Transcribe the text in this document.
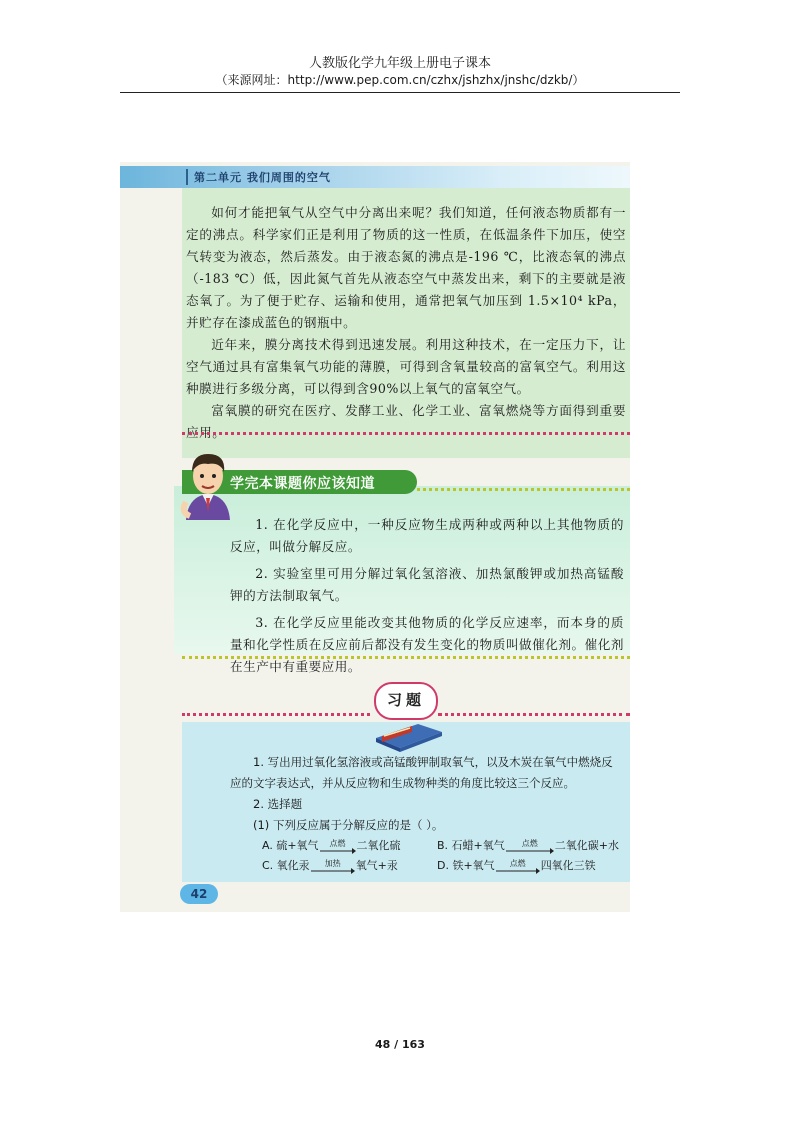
人教版化学九年级上册电子课本
（来源网址：http://www.pep.com.cn/czhx/jshzhx/jnshc/dzkb/）
第二单元 我们周围的空气

如何才能把氧气从空气中分离出来呢？我们知道，任何液态物质都有一定的沸点。科学家们正是利用了物质的这一性质，在低温条件下加压，使空气转变为液态，然后蒸发。由于液态氮的沸点是-196 ℃，比液态氧的沸点（-183 ℃）低，因此氮气首先从液态空气中蒸发出来，剩下的主要就是液态氧了。为了便于贮存、运输和使用，通常把氧气加压到 1.5×10⁴ kPa，并贮存在漆成蓝色的钢瓶中。

近年来，膜分离技术得到迅速发展。利用这种技术，在一定压力下，让空气通过具有富集氧气功能的薄膜，可得到含氧量较高的富氧空气。利用这种膜进行多级分离，可以得到含90%以上氧气的富氧空气。

富氧膜的研究在医疗、发酵工业、化学工业、富氧燃烧等方面得到重要应用。

学完本课题你应该知道

1. 在化学反应中，一种反应物生成两种或两种以上其他物质的反应，叫做分解反应。

2. 实验室里可用分解过氧化氢溶液、加热氯酸钾或加热高锰酸钾的方法制取氧气。

3. 在化学反应里能改变其他物质的化学反应速率，而本身的质量和化学性质在反应前后都没有发生变化的物质叫做催化剂。催化剂在生产中有重要应用。

习题

1. 写出用过氧化氢溶液或高锰酸钾制取氧气，以及木炭在氧气中燃烧反应的文字表达式，并从反应物和生成物种类的角度比较这三个反应。

2. 选择题

(1) 下列反应属于分解反应的是（ ）。

A. 硫+氧气 点燃 二氧化硫	B. 石蜡+氧气 点燃 二氧化碳+水
C. 氧化汞 加热 氧气+汞	D. 铁+氧气 点燃 四氧化三铁
42
48 / 163
